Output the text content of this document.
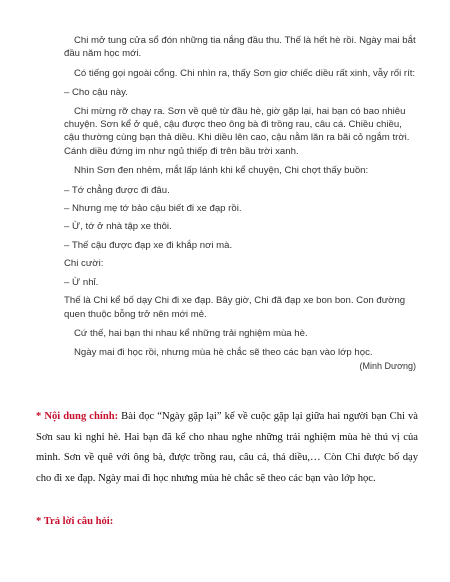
Chi mở tung cửa sổ đón những tia nắng đầu thu. Thế là hết hè rồi. Ngày mai bắt đầu năm học mới.

Có tiếng gọi ngoài cổng. Chi nhìn ra, thấy Sơn giơ chiếc diều rất xinh, vẫy rối rít:

– Cho cậu này.

Chi mừng rỡ chạy ra. Sơn về quê từ đầu hè, giờ gặp lại, hai bạn có bao nhiêu chuyện. Sơn kể ở quê, cậu được theo ông bà đi trồng rau, câu cá. Chiều chiều, cậu thường cùng bạn thả diều. Khi diều lên cao, cậu nằm lăn ra bãi cỏ ngắm trời. Cánh diều đứng im như ngủ thiếp đi trên bầu trời xanh.

Nhìn Sơn đen nhẻm, mắt lấp lánh khi kể chuyện, Chi chợt thấy buồn:

– Tớ chẳng được đi đâu.

– Nhưng mẹ tớ bảo cậu biết đi xe đạp rồi.

– Ừ, tớ ở nhà tập xe thôi.

– Thế cậu được đạp xe đi khắp nơi mà.

Chi cười:

– Ừ nhỉ.

Thế là Chi kể bố dạy Chi đi xe đạp. Bây giờ, Chi đã đạp xe bon bon. Con đường quen thuộc bỗng trở nên mới mẻ.

Cứ thế, hai bạn thi nhau kể những trải nghiệm mùa hè.

Ngày mai đi học rồi, nhưng mùa hè chắc sẽ theo các bạn vào lớp học.

(Minh Dương)
* Nội dung chính: Bài đọc “Ngày gặp lại” kể về cuộc gặp lại giữa hai người bạn Chi và Sơn sau kì nghỉ hè. Hai bạn đã kể cho nhau nghe những trải nghiệm mùa hè thú vị của mình. Sơn về quê với ông bà, được trồng rau, câu cá, thả diều,… Còn Chi được bố dạy cho đi xe đạp. Ngày mai đi học nhưng mùa hè chắc sẽ theo các bạn vào lớp học.
* Trả lời câu hỏi:
